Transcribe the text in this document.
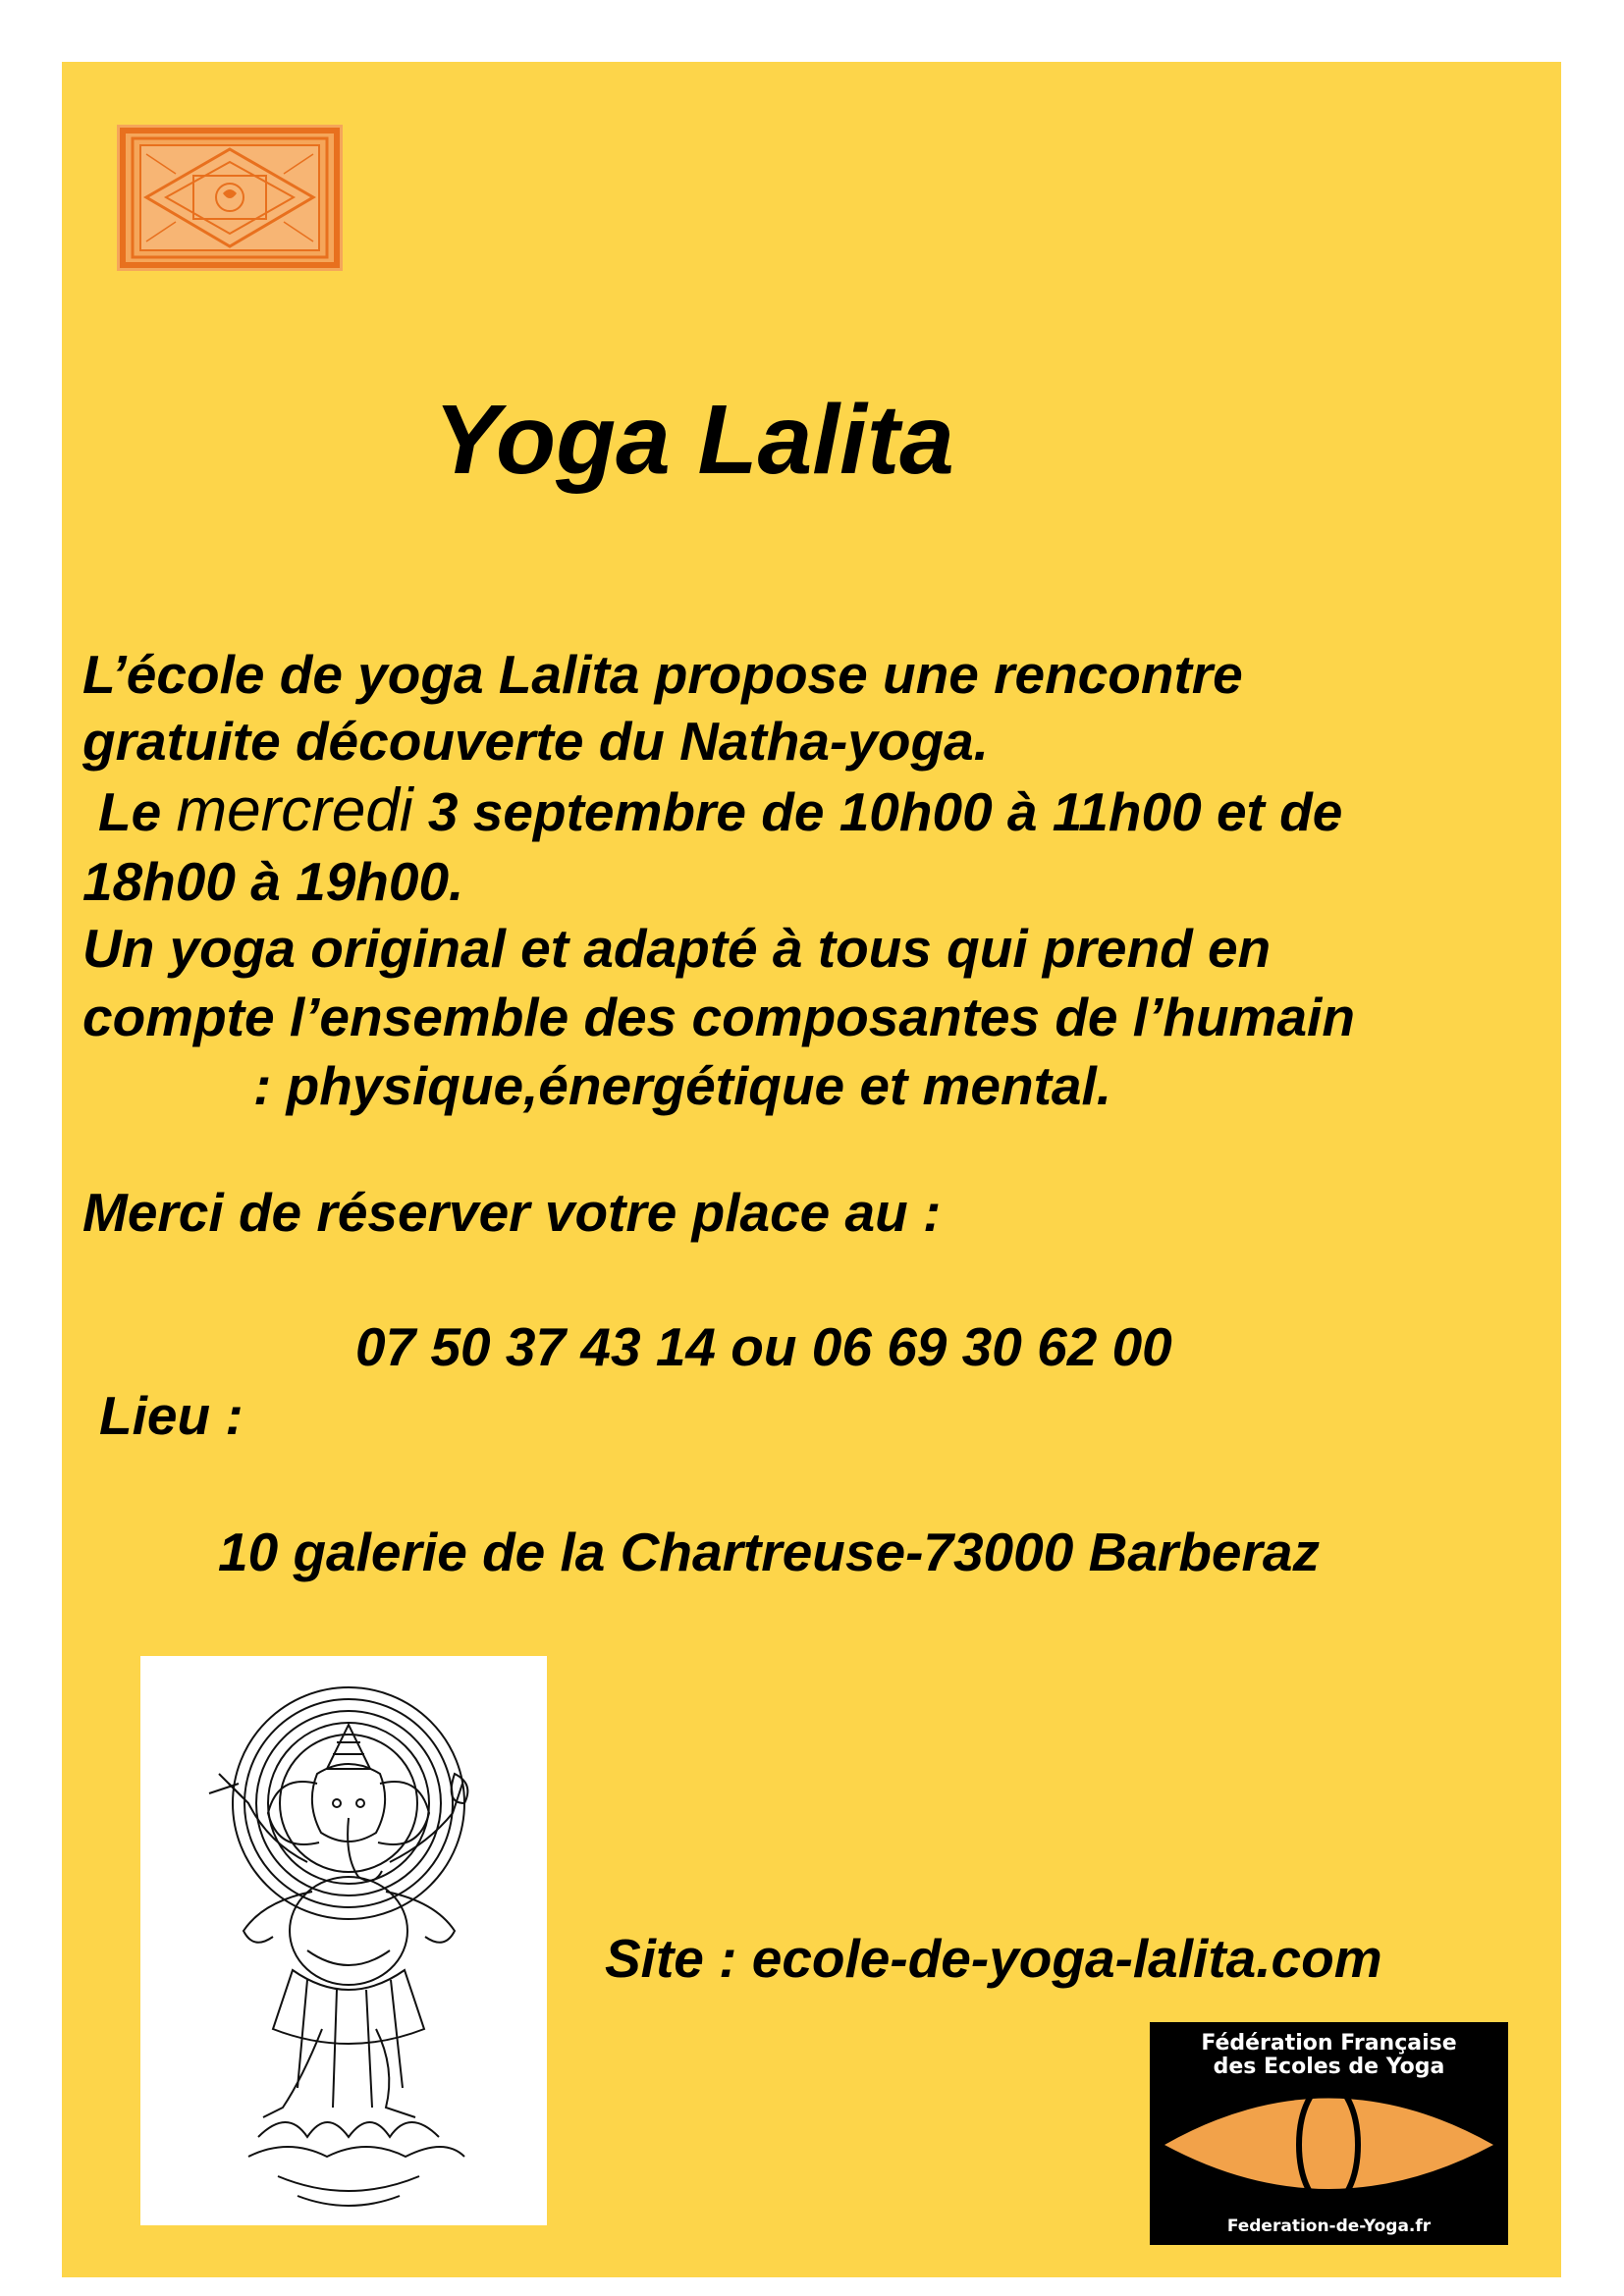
Yoga Lalita

L’école de yoga Lalita propose une rencontre

gratuite découverte du Natha-yoga.

Le mercredi 3 septembre de 10h00 à 11h00 et de

18h00 à 19h00.

Un yoga original et adapté à tous qui prend en

compte l’ensemble des composantes de l’humain

: physique,énergétique et mental.

Merci de réserver votre place au :

07 50 37 43 14 ou 06 69 30 62 00

Lieu :

10 galerie de la Chartreuse-73000 Barberaz

Site : ecole-de-yoga-lalita.com

Fédération Française
des Ecoles de Yoga
Federation-de-Yoga.fr
